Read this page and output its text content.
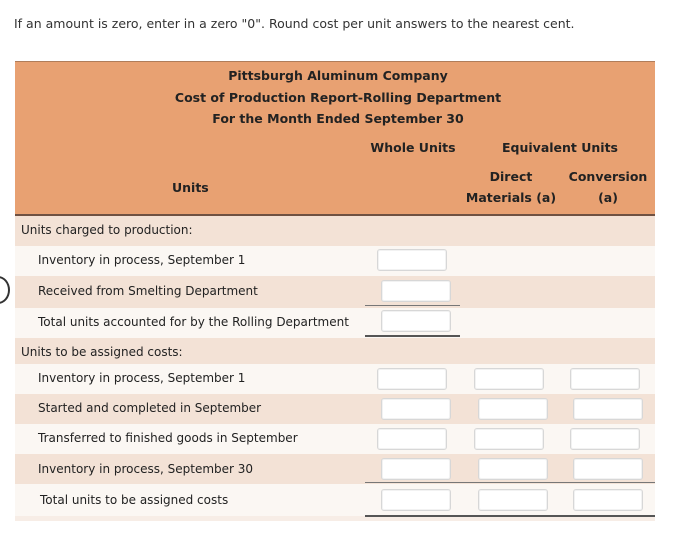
If an amount is zero, enter in a zero "0". Round cost per unit answers to the nearest cent.
Pittsburgh Aluminum Company
Cost of Production Report-Rolling Department
For the Month Ended September 30
Whole Units	Equivalent Units
Units
Direct
Materials (a)
Conversion
(a)
Units charged to production:
Inventory in process, September 1
Received from Smelting Department
Total units accounted for by the Rolling Department
Units to be assigned costs:
Inventory in process, September 1
Started and completed in September
Transferred to finished goods in September
Inventory in process, September 30
Total units to be assigned costs
